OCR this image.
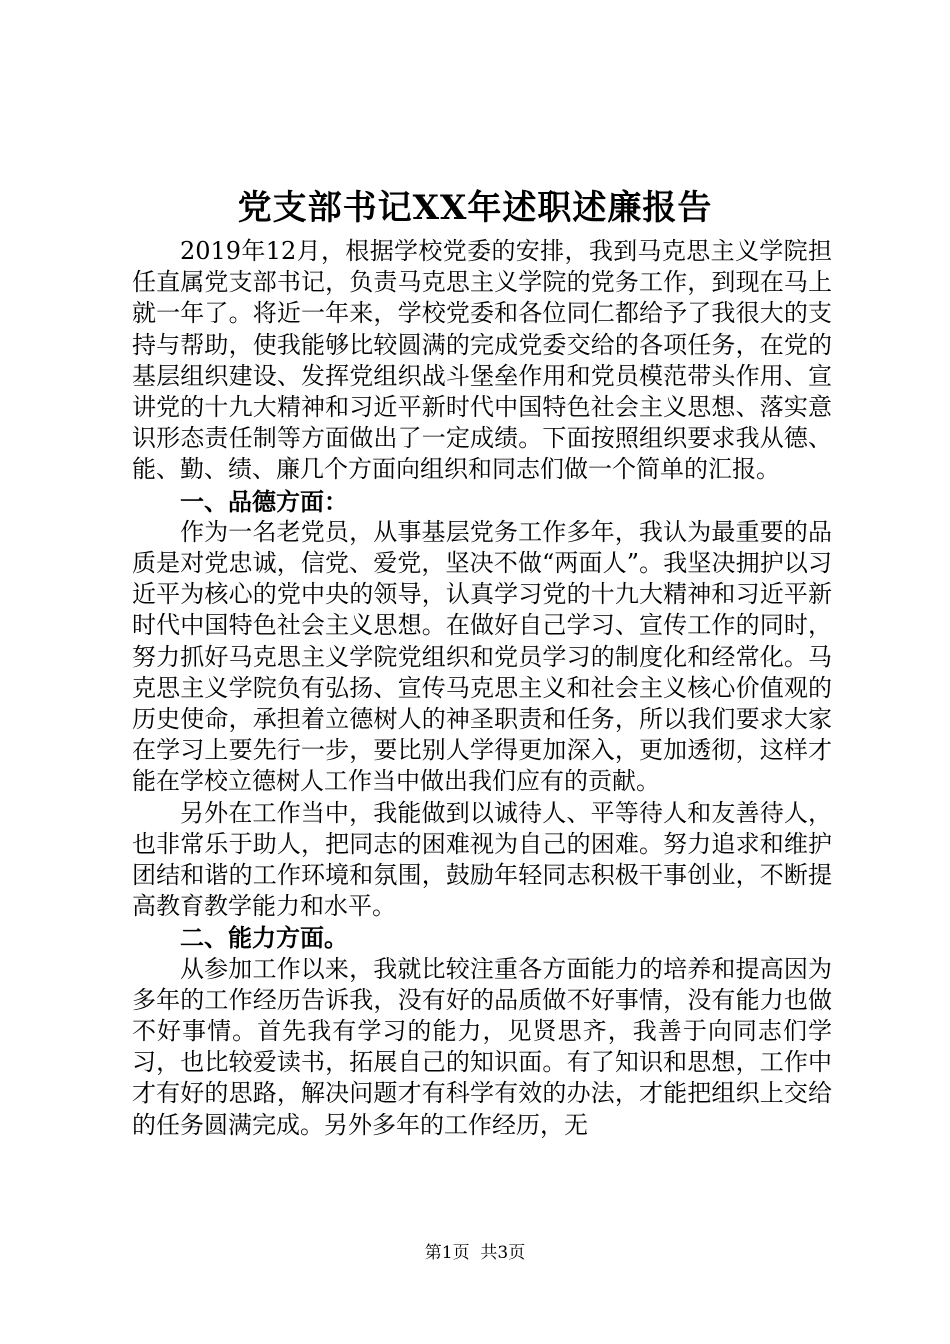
党支部书记XX年述职述廉报告

2019年12月，根据学校党委的安排，我到马克思主义学院担任直属党支部书记，负责马克思主义学院的党务工作，到现在马上就一年了。将近一年来，学校党委和各位同仁都给予了我很大的支持与帮助，使我能够比较圆满的完成党委交给的各项任务，在党的基层组织建设、发挥党组织战斗堡垒作用和党员模范带头作用、宣讲党的十九大精神和习近平新时代中国特色社会主义思想、落实意识形态责任制等方面做出了一定成绩。下面按照组织要求我从德、能、勤、绩、廉几个方面向组织和同志们做一个简单的汇报。

一、品德方面：

作为一名老党员，从事基层党务工作多年，我认为最重要的品质是对党忠诚，信党、爱党，坚决不做“两面人”。我坚决拥护以习近平为核心的党中央的领导，认真学习党的十九大精神和习近平新时代中国特色社会主义思想。在做好自己学习、宣传工作的同时，努力抓好马克思主义学院党组织和党员学习的制度化和经常化。马克思主义学院负有弘扬、宣传马克思主义和社会主义核心价值观的历史使命，承担着立德树人的神圣职责和任务，所以我们要求大家在学习上要先行一步，要比别人学得更加深入，更加透彻，这样才能在学校立德树人工作当中做出我们应有的贡献。

另外在工作当中，我能做到以诚待人、平等待人和友善待人，也非常乐于助人，把同志的困难视为自己的困难。努力追求和维护团结和谐的工作环境和氛围，鼓励年轻同志积极干事创业，不断提高教育教学能力和水平。

二、能力方面。

从参加工作以来，我就比较注重各方面能力的培养和提高因为多年的工作经历告诉我，没有好的品质做不好事情，没有能力也做不好事情。首先我有学习的能力，见贤思齐，我善于向同志们学习，也比较爱读书，拓展自己的知识面。有了知识和思想，工作中才有好的思路，解决问题才有科学有效的办法，才能把组织上交给的任务圆满完成。另外多年的工作经历，无

第1页  共3页
